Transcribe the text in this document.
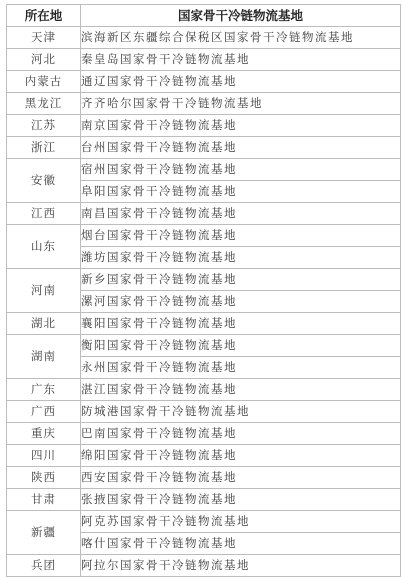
所在地	国家骨干冷链物流基地
天津	滨海新区东疆综合保税区国家骨干冷链物流基地
河北	秦皇岛国家骨干冷链物流基地
内蒙古	通辽国家骨干冷链物流基地
黑龙江	齐齐哈尔国家骨干冷链物流基地
江苏	南京国家骨干冷链物流基地
浙江	台州国家骨干冷链物流基地
安徽	宿州国家骨干冷链物流基地
	阜阳国家骨干冷链物流基地
江西	南昌国家骨干冷链物流基地
山东	烟台国家骨干冷链物流基地
	潍坊国家骨干冷链物流基地
河南	新乡国家骨干冷链物流基地
	漯河国家骨干冷链物流基地
湖北	襄阳国家骨干冷链物流基地
湖南	衡阳国家骨干冷链物流基地
	永州国家骨干冷链物流基地
广东	湛江国家骨干冷链物流基地
广西	防城港国家骨干冷链物流基地
重庆	巴南国家骨干冷链物流基地
四川	绵阳国家骨干冷链物流基地
陕西	西安国家骨干冷链物流基地
甘肃	张掖国家骨干冷链物流基地
新疆	阿克苏国家骨干冷链物流基地
	喀什国家骨干冷链物流基地
兵团	阿拉尔国家骨干冷链物流基地
